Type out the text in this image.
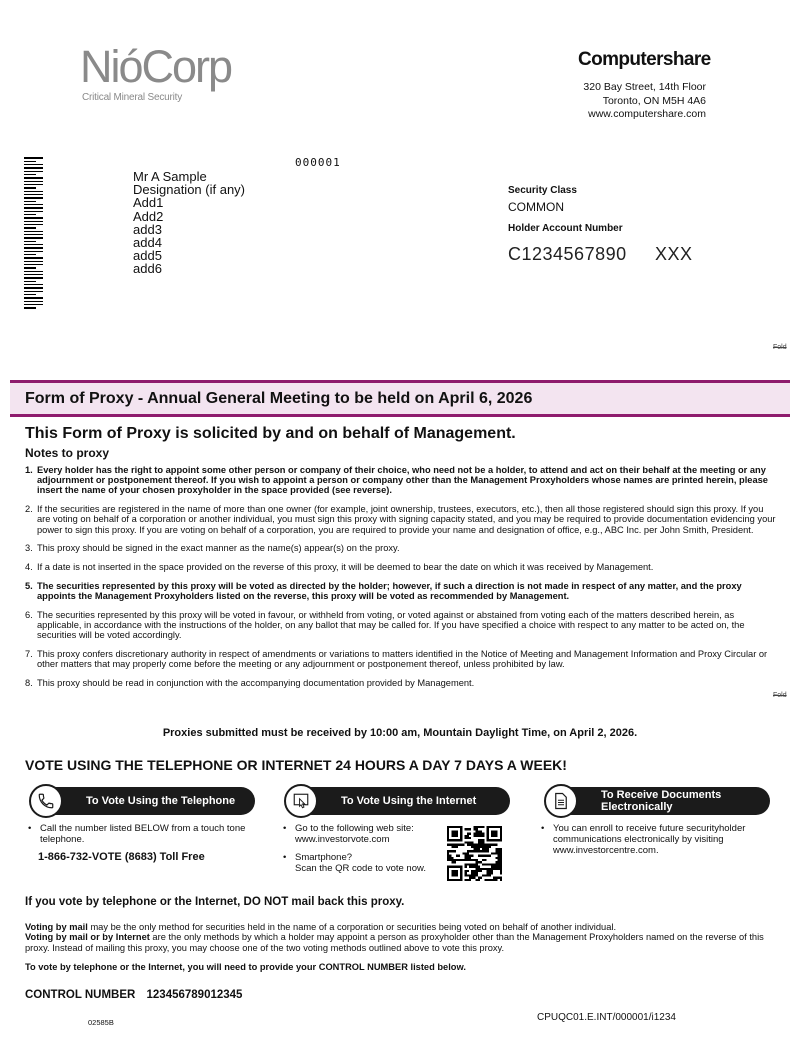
NióCorp
Critical Mineral Security
Computershare
320 Bay Street, 14th Floor
Toronto, ON M5H 4A6
www.computershare.com
000001
Mr A Sample
Designation (if any)
Add1
Add2
add3
add4
add5
add6
Security Class
COMMON
Holder Account Number
C1234567890 XXX
Fold
Fold
Form of Proxy - Annual General Meeting to be held on April 6, 2026
This Form of Proxy is solicited by and on behalf of Management.
Notes to proxy
1. Every holder has the right to appoint some other person or company of their choice, who need not be a holder, to attend and act on their behalf at the meeting or any adjournment or postponement thereof. If you wish to appoint a person or company other than the Management Proxyholders whose names are printed herein, please insert the name of your chosen proxyholder in the space provided (see reverse).
2. If the securities are registered in the name of more than one owner (for example, joint ownership, trustees, executors, etc.), then all those registered should sign this proxy. If you are voting on behalf of a corporation or another individual, you must sign this proxy with signing capacity stated, and you may be required to provide documentation evidencing your power to sign this proxy. If you are voting on behalf of a corporation, you are required to provide your name and designation of office, e.g., ABC Inc. per John Smith, President.
3. This proxy should be signed in the exact manner as the name(s) appear(s) on the proxy.
4. If a date is not inserted in the space provided on the reverse of this proxy, it will be deemed to bear the date on which it was received by Management.
5. The securities represented by this proxy will be voted as directed by the holder; however, if such a direction is not made in respect of any matter, and the proxy appoints the Management Proxyholders listed on the reverse, this proxy will be voted as recommended by Management.
6. The securities represented by this proxy will be voted in favour, or withheld from voting, or voted against or abstained from voting each of the matters described herein, as applicable, in accordance with the instructions of the holder, on any ballot that may be called for. If you have specified a choice with respect to any matter to be acted on, the securities will be voted accordingly.
7. This proxy confers discretionary authority in respect of amendments or variations to matters identified in the Notice of Meeting and Management Information and Proxy Circular or other matters that may properly come before the meeting or any adjournment or postponement thereof, unless prohibited by law.
8. This proxy should be read in conjunction with the accompanying documentation provided by Management.
Proxies submitted must be received by 10:00 am, Mountain Daylight Time, on April 2, 2026.
VOTE USING THE TELEPHONE OR INTERNET 24 HOURS A DAY 7 DAYS A WEEK!
To Vote Using the Telephone
• Call the number listed BELOW from a touch tone telephone.
1-866-732-VOTE (8683) Toll Free
To Vote Using the Internet
• Go to the following web site:
www.investorvote.com
• Smartphone?
Scan the QR code to vote now.
To Receive Documents Electronically
• You can enroll to receive future securityholder communications electronically by visiting www.investorcentre.com.
If you vote by telephone or the Internet, DO NOT mail back this proxy.
Voting by mail may be the only method for securities held in the name of a corporation or securities being voted on behalf of another individual.
Voting by mail or by Internet are the only methods by which a holder may appoint a person as proxyholder other than the Management Proxyholders named on the reverse of this proxy. Instead of mailing this proxy, you may choose one of the two voting methods outlined above to vote this proxy.
To vote by telephone or the Internet, you will need to provide your CONTROL NUMBER listed below.
CONTROL NUMBER 123456789012345
02585B	CPUQC01.E.INT/000001/i1234
